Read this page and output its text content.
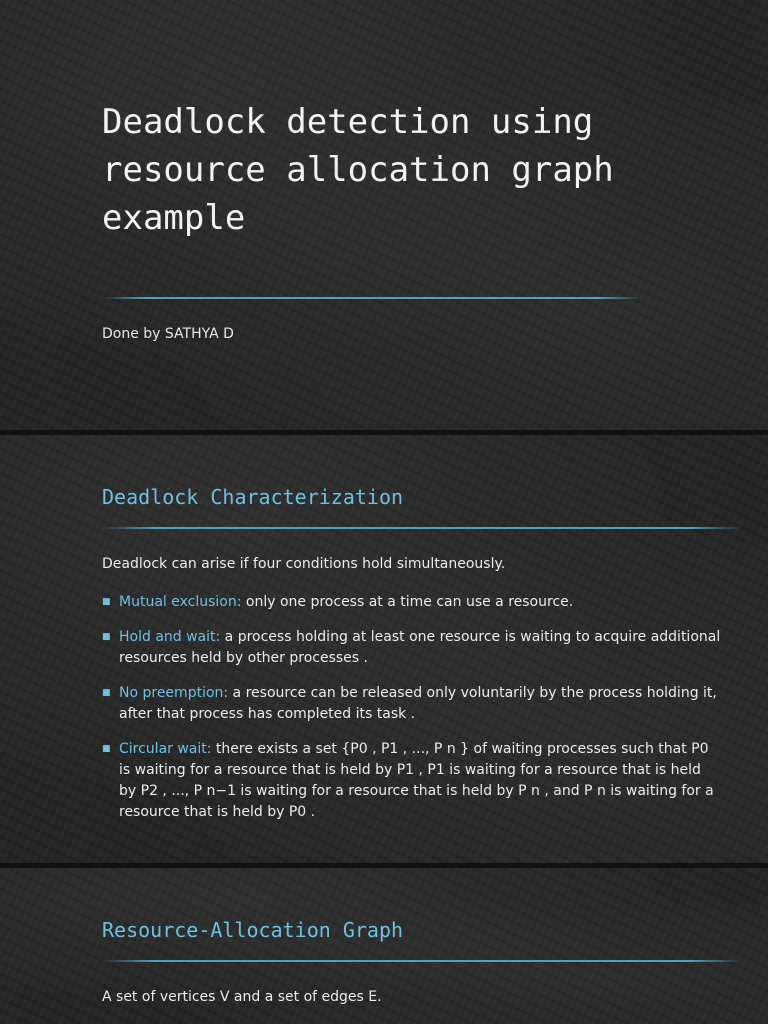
Deadlock detection using resource allocation graph example
Done by SATHYA D
Deadlock Characterization

Deadlock can arise if four conditions hold simultaneously.

■ Mutual exclusion: only one process at a time can use a resource.
■ Hold and wait: a process holding at least one resource is waiting to acquire additional resources held by other processes .
■ No preemption: a resource can be released only voluntarily by the process holding it, after that process has completed its task .
■ Circular wait: there exists a set {P0 , P1 , ..., P n } of waiting processes such that P0 is waiting for a resource that is held by P1 , P1 is waiting for a resource that is held by P2 , ..., P n−1 is waiting for a resource that is held by P n , and P n is waiting for a resource that is held by P0 .
Resource-Allocation Graph

A set of vertices V and a set of edges E.
